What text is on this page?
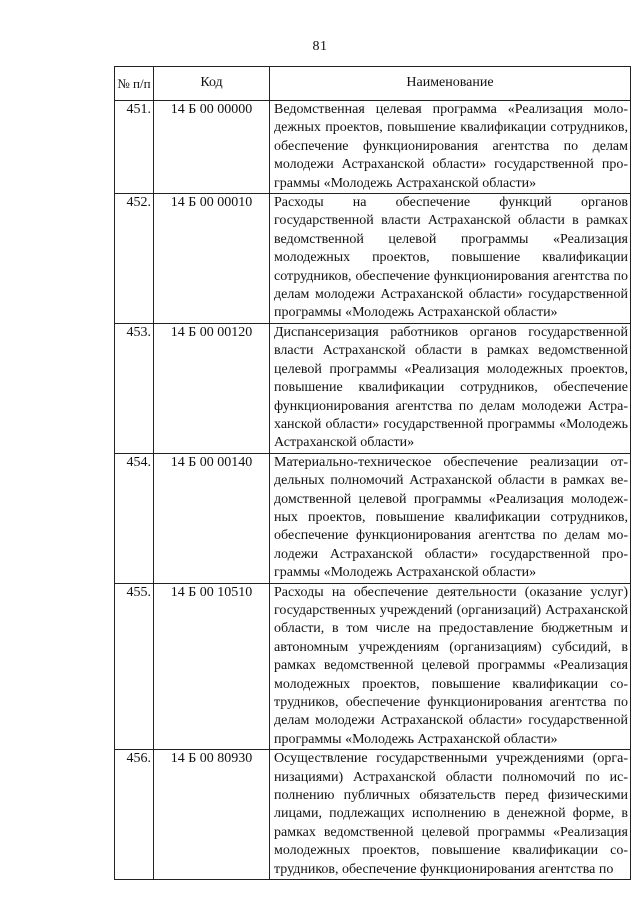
81
№ п/п	Код	Наименование
451.	14 Б 00 00000	Ведомственная целевая программа «Реализация молодежных проектов, повышение квалификации сотрудников, обеспечение функционирования агентства по делам молодежи Астраханской области» государственной программы «Молодежь Астраханской области»
452.	14 Б 00 00010	Расходы на обеспечение функций органов государственной власти Астраханской области в рамках ведомственной целевой программы «Реализация молодежных проектов, повышение квалификации сотрудников, обеспечение функционирования агентства по делам молодежи Астраханской области» государственной программы «Молодежь Астраханской области»
453.	14 Б 00 00120	Диспансеризация работников органов государственной власти Астраханской области в рамках ведомственной целевой программы «Реализация молодежных проектов, повышение квалификации сотрудников, обеспечение функционирования агентства по делам молодежи Астраханской области» государственной программы «Молодежь Астраханской области»
454.	14 Б 00 00140	Материально-техническое обеспечение реализации отдельных полномочий Астраханской области в рамках ведомственной целевой программы «Реализация молодежных проектов, повышение квалификации сотрудников, обеспечение функционирования агентства по делам молодежи Астраханской области» государственной программы «Молодежь Астраханской области»
455.	14 Б 00 10510	Расходы на обеспечение деятельности (оказание услуг) государственных учреждений (организаций) Астраханской области, в том числе на предоставление бюджетным и автономным учреждениям (организациям) субсидий, в рамках ведомственной целевой программы «Реализация молодежных проектов, повышение квалификации сотрудников, обеспечение функционирования агентства по делам молодежи Астраханской области» государственной программы «Молодежь Астраханской области»
456.	14 Б 00 80930	Осуществление государственными учреждениями (организациями) Астраханской области полномочий по исполнению публичных обязательств перед физическими лицами, подлежащих исполнению в денежной форме, в рамках ведомственной целевой программы «Реализация молодежных проектов, повышение квалификации сотрудников, обеспечение функционирования агентства по
